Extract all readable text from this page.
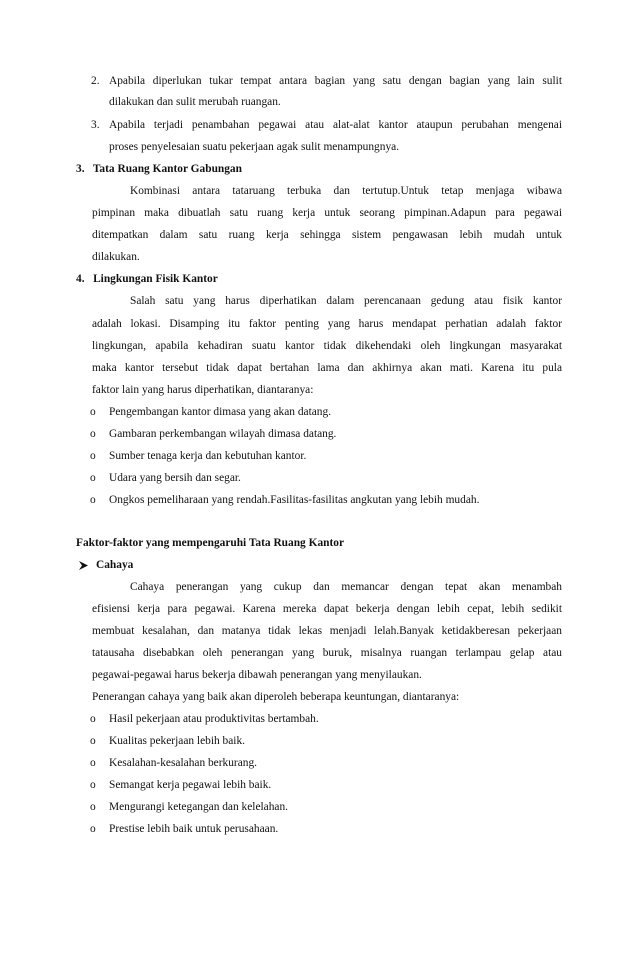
2. Apabila diperlukan tukar tempat antara bagian yang satu dengan bagian yang lain sulit
dilakukan dan sulit merubah ruangan.
3. Apabila terjadi penambahan pegawai atau alat-alat kantor ataupun perubahan mengenai
proses penyelesaian suatu pekerjaan agak sulit menampungnya.
3.   Tata Ruang Kantor Gabungan
Kombinasi antara tataruang terbuka dan tertutup.Untuk tetap menjaga wibawa
pimpinan maka dibuatlah satu ruang kerja untuk seorang pimpinan.Adapun para pegawai
ditempatkan dalam satu ruang kerja sehingga sistem pengawasan lebih mudah untuk
dilakukan.
4.   Lingkungan Fisik Kantor
Salah satu yang harus diperhatikan dalam perencanaan gedung atau fisik kantor
adalah lokasi. Disamping itu faktor penting yang harus mendapat perhatian adalah faktor
lingkungan, apabila kehadiran suatu kantor tidak dikehendaki oleh lingkungan masyarakat
maka kantor tersebut tidak dapat bertahan lama dan akhirnya akan mati. Karena itu pula
faktor lain yang harus diperhatikan, diantaranya:
o Pengembangan kantor dimasa yang akan datang.
o Gambaran perkembangan wilayah dimasa datang.
o Sumber tenaga kerja dan kebutuhan kantor.
o Udara yang bersih dan segar.
o Ongkos pemeliharaan yang rendah.Fasilitas-fasilitas angkutan yang lebih mudah.
Faktor-faktor yang mempengaruhi Tata Ruang Kantor
Cahaya
Cahaya penerangan yang cukup dan memancar dengan tepat akan menambah
efisiensi kerja para pegawai. Karena mereka dapat bekerja dengan lebih cepat, lebih sedikit
membuat kesalahan, dan matanya tidak lekas menjadi lelah.Banyak ketidakberesan pekerjaan
tatausaha disebabkan oleh penerangan yang buruk, misalnya ruangan terlampau gelap atau
pegawai-pegawai harus bekerja dibawah penerangan yang menyilaukan.
Penerangan cahaya yang baik akan diperoleh beberapa keuntungan, diantaranya:
o Hasil pekerjaan atau produktivitas bertambah.
o Kualitas pekerjaan lebih baik.
o Kesalahan-kesalahan berkurang.
o Semangat kerja pegawai lebih baik.
o Mengurangi ketegangan dan kelelahan.
o Prestise lebih baik untuk perusahaan.
